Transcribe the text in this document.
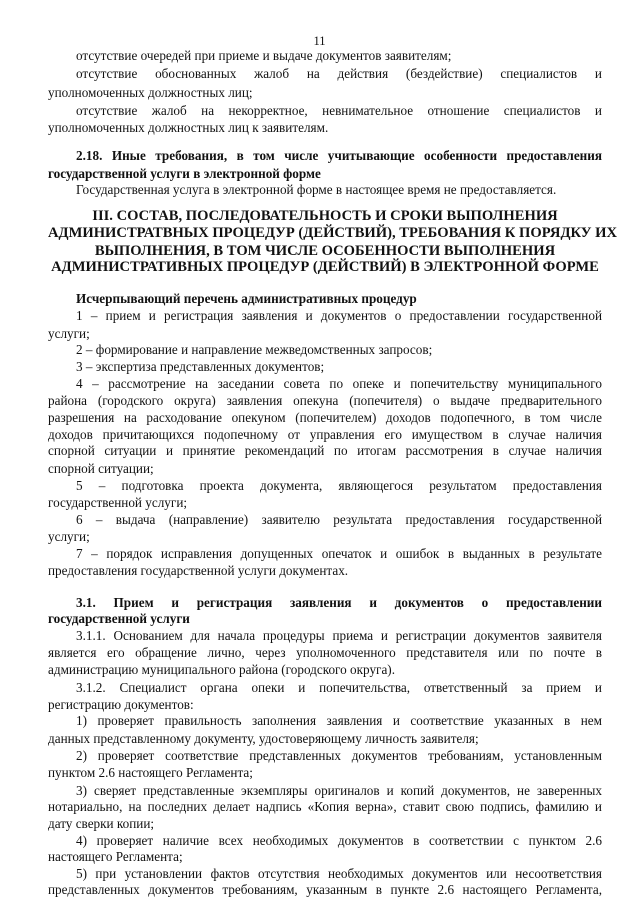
11
отсутствие очередей при приеме и выдаче документов заявителям;
отсутствие обоснованных жалоб на действия (бездействие) специалистов и
уполномоченных должностных лиц;
отсутствие жалоб на некорректное, невнимательное отношение специалистов и
уполномоченных должностных лиц к заявителям.
2.18. Иные требования, в том числе учитывающие особенности предоставления
государственной услуги в электронной форме
Государственная услуга в электронной форме в настоящее время не предоставляется.
III. СОСТАВ, ПОСЛЕДОВАТЕЛЬНОСТЬ И СРОКИ ВЫПОЛНЕНИЯ
АДМИНИСТРАТВНЫХ ПРОЦЕДУР (ДЕЙСТВИЙ), ТРЕБОВАНИЯ К ПОРЯДКУ ИХ
ВЫПОЛНЕНИЯ, В ТОМ ЧИСЛЕ ОСОБЕННОСТИ ВЫПОЛНЕНИЯ
АДМИНИСТРАТИВНЫХ ПРОЦЕДУР (ДЕЙСТВИЙ) В ЭЛЕКТРОННОЙ ФОРМЕ
Исчерпывающий перечень административных процедур
1 – прием и регистрация заявления и документов о предоставлении государственной
услуги;
2 – формирование и направление межведомственных запросов;
3 – экспертиза представленных документов;
4 – рассмотрение на заседании совета по опеке и попечительству муниципального
района (городского округа) заявления опекуна (попечителя) о выдаче предварительного
разрешения на расходование опекуном (попечителем) доходов подопечного, в том числе
доходов причитающихся подопечному от управления его имуществом в случае наличия
спорной ситуации и принятие рекомендаций по итогам рассмотрения в случае наличия
спорной ситуации;
5 – подготовка проекта документа, являющегося результатом предоставления
государственной услуги;
6 – выдача (направление) заявителю результата предоставления государственной
услуги;
7 – порядок исправления допущенных опечаток и ошибок в выданных в результате
предоставления государственной услуги документах.
3.1. Прием и регистрация заявления и документов о предоставлении
государственной услуги
3.1.1. Основанием для начала процедуры приема и регистрации документов заявителя
является его обращение лично, через уполномоченного представителя или по почте в
администрацию муниципального района (городского округа).
3.1.2. Специалист органа опеки и попечительства, ответственный за прием и
регистрацию документов:
1) проверяет правильность заполнения заявления и соответствие указанных в нем
данных представленному документу, удостоверяющему личность заявителя;
2) проверяет соответствие представленных документов требованиям, установленным
пунктом 2.6 настоящего Регламента;
3) сверяет представленные экземпляры оригиналов и копий документов, не заверенных
нотариально, на последних делает надпись «Копия верна», ставит свою подпись, фамилию и
дату сверки копии;
4) проверяет наличие всех необходимых документов в соответствии с пунктом 2.6
настоящего Регламента;
5) при установлении фактов отсутствия необходимых документов или несоответствия
представленных документов требованиям, указанным в пункте 2.6 настоящего Регламента,
